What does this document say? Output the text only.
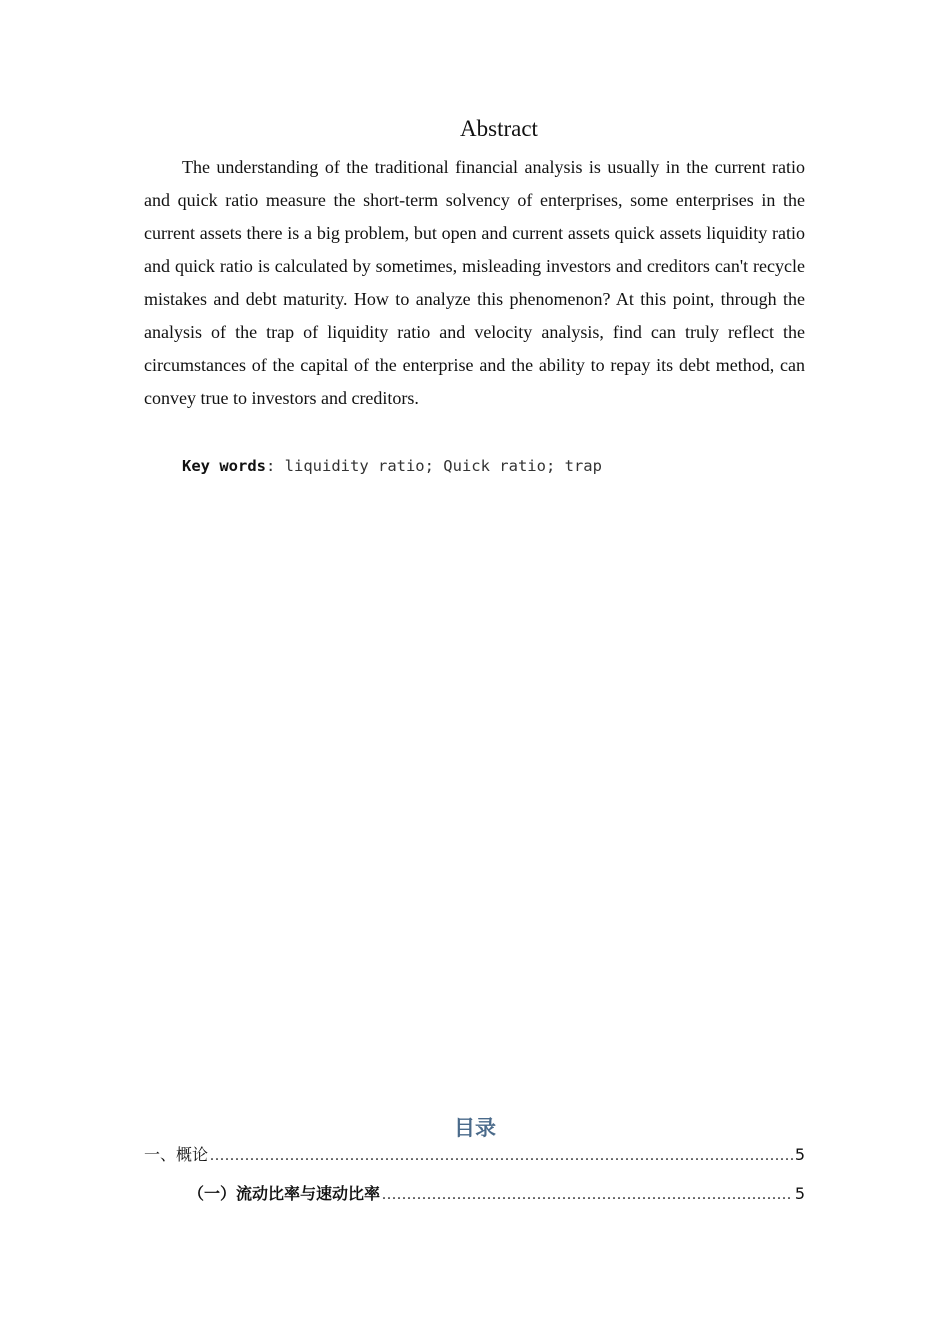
Abstract

The understanding of the traditional financial analysis is usually in the current ratio and quick ratio measure the short-term solvency of enterprises, some enterprises in the current assets there is a big problem, but open and current assets quick assets liquidity ratio and quick ratio is calculated by sometimes, misleading investors and creditors can't recycle mistakes and debt maturity. How to analyze this phenomenon? At this point, through the analysis of the trap of liquidity ratio and velocity analysis, find can truly reflect the circumstances of the capital of the enterprise and the ability to repay its debt method, can convey true to investors and creditors.

Key words: liquidity ratio; Quick ratio; trap
目录
一、概论 .....	5
（一）流动比率与速动比率 .....	5
